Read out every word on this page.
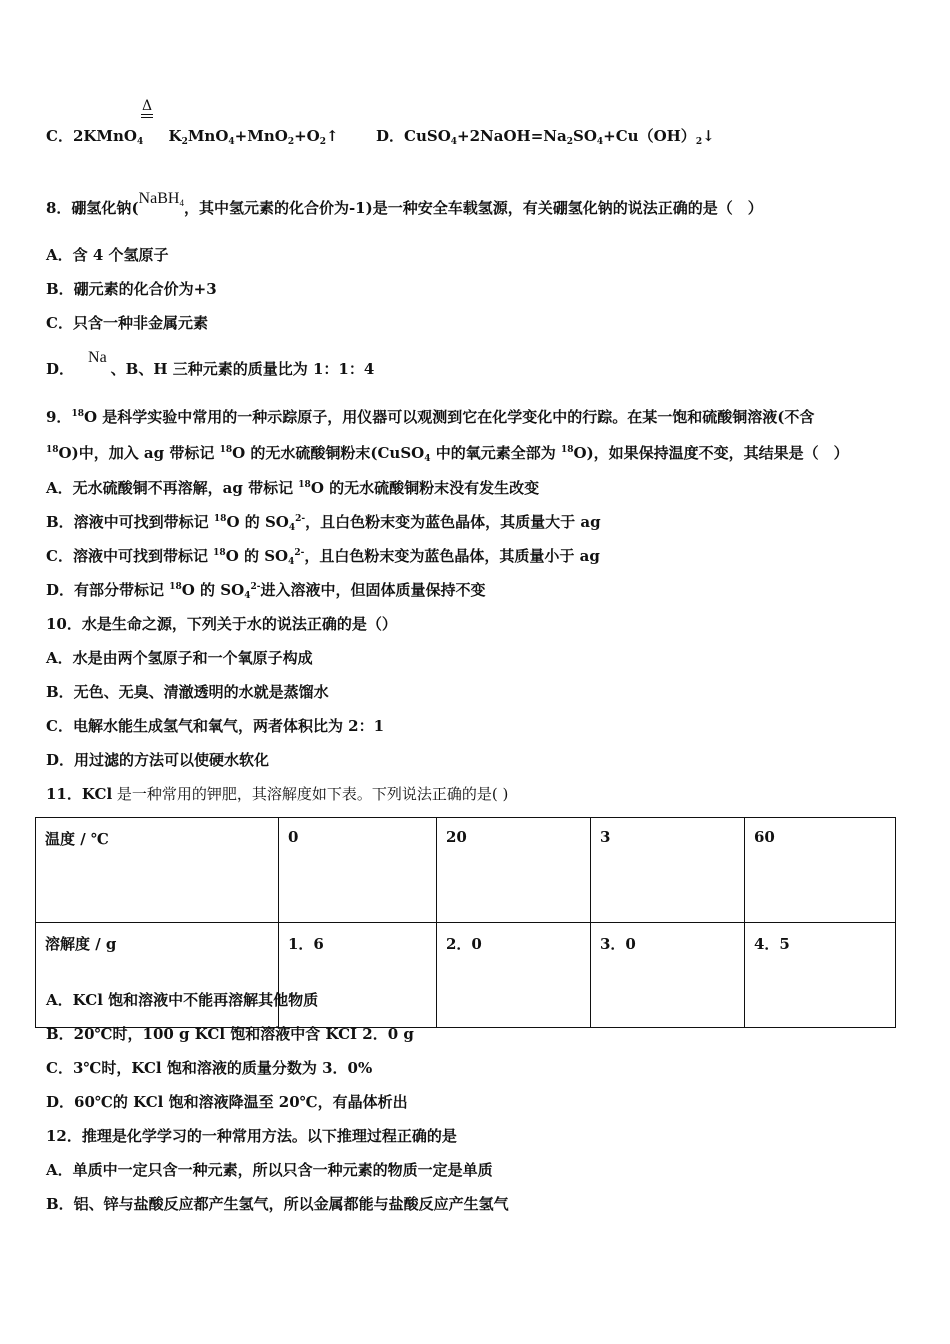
Δ
C．2KMnO$_4$ $K_2MnO_4+MnO_2+O_2↑$ D．$CuSO_4+2NaOH=Na_2SO_4+Cu(OH)_2↓$
8．硼氢化钠(NaBH$_4$，其中氢元素的化合价为-1)是一种安全车载氢源，有关硼氢化钠的说法正确的是（　）
A．含 4 个氢原子
B．硼元素的化合价为+3
C．只含一种非金属元素
D．Na、B、H 三种元素的质量比为 1：1：4
9．$^{18}$O 是科学实验中常用的一种示踪原子，用仪器可以观测到它在化学变化中的行踪。在某一饱和硫酸铜溶液(不含
$^{18}$O)中，加入 ag 带标记 $^{18}$O 的无水硫酸铜粉末(CuSO$_4$ 中的氧元素全部为 $^{18}$O)，如果保持温度不变，其结果是（　）
A．无水硫酸铜不再溶解，ag 带标记 $^{18}$O 的无水硫酸铜粉末没有发生改变
B．溶液中可找到带标记 $^{18}$O 的 $SO_4^{2-}$，且白色粉末变为蓝色晶体，其质量大于 ag
C．溶液中可找到带标记 $^{18}$O 的 $SO_4^{2-}$，且白色粉末变为蓝色晶体，其质量小于 ag
D．有部分带标记 $^{18}$O 的 $SO_4^{2-}$进入溶液中，但固体质量保持不变
10．水是生命之源，下列关于水的说法正确的是（）
A．水是由两个氢原子和一个氧原子构成
B．无色、无臭、清澈透明的水就是蒸馏水
C．电解水能生成氢气和氧气，两者体积比为 2：1
D．用过滤的方法可以使硬水软化
11．KCl 是一种常用的钾肥，其溶解度如下表。下列说法正确的是( )
温度 / ℃	0	20	3	60
溶解度 / g	1．6	2．0	3．0	4．5
A．KCl 饱和溶液中不能再溶解其他物质
B．20℃时，100 g KCl 饱和溶液中含 KCI 2．0 g
C．3℃时，KCl 饱和溶液的质量分数为 3．0%
D．60℃的 KCl 饱和溶液降温至 20℃，有晶体析出
12．推理是化学学习的一种常用方法。以下推理过程正确的是
A．单质中一定只含一种元素，所以只含一种元素的物质一定是单质
B．铝、锌与盐酸反应都产生氢气，所以金属都能与盐酸反应产生氢气
